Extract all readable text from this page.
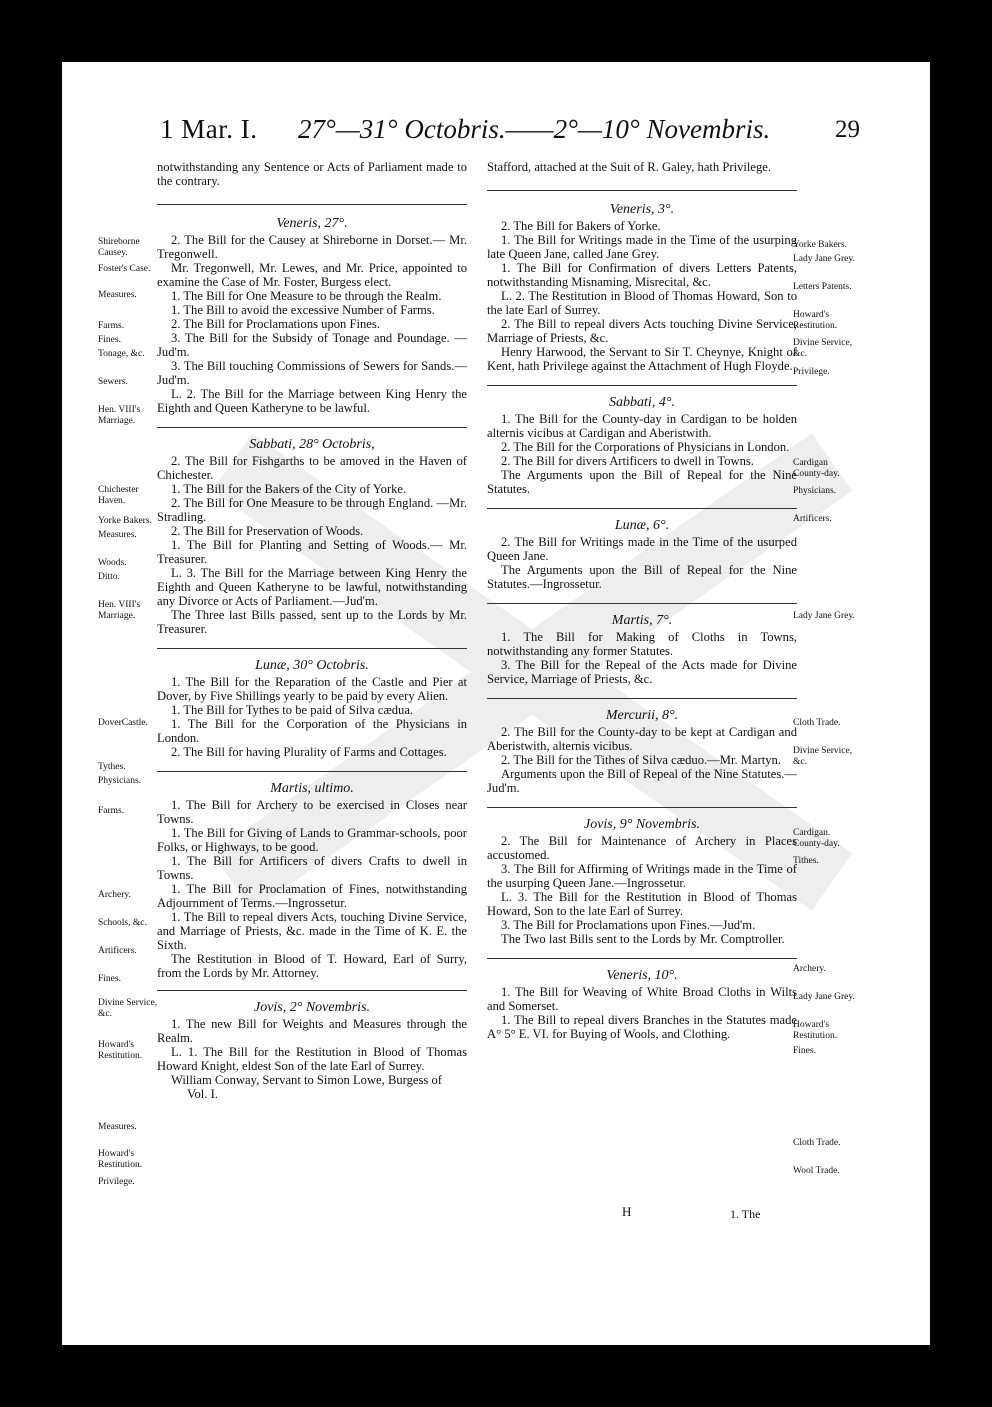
1 Mar. I. 27°—31° Octobris.——2°—10° Novembris.	29

notwithstanding any Sentence or Acts of Parliament made to the contrary.

Veneris, 27°.

2. The Bill for the Causey at Shireborne in Dorset.— Mr. Tregonwell.

Mr. Tregonwell, Mr. Lewes, and Mr. Price, appointed to examine the Case of Mr. Foster, Burgess elect.

1. The Bill for One Measure to be through the Realm.

1. The Bill to avoid the excessive Number of Farms.

2. The Bill for Proclamations upon Fines.

3. The Bill for the Subsidy of Tonage and Poundage. —Jud'm.

3. The Bill touching Commissions of Sewers for Sands.—Jud'm.

L. 2. The Bill for the Marriage between King Henry the Eighth and Queen Katheryne to be lawful.

Sabbati, 28° Octobris,

2. The Bill for Fishgarths to be amoved in the Haven of Chichester.

1. The Bill for the Bakers of the City of Yorke.

2. The Bill for One Measure to be through England. —Mr. Stradling.

2. The Bill for Preservation of Woods.

1. The Bill for Planting and Setting of Woods.— Mr. Treasurer.

L. 3. The Bill for the Marriage between King Henry the Eighth and Queen Katheryne to be lawful, notwithstanding any Divorce or Acts of Parliament.—Jud'm.

The Three last Bills passed, sent up to the Lords by Mr. Treasurer.

Lunæ, 30° Octobris.

1. The Bill for the Reparation of the Castle and Pier at Dover, by Five Shillings yearly to be paid by every Alien.

1. The Bill for Tythes to be paid of Silva cædua.

1. The Bill for the Corporation of the Physicians in London.

2. The Bill for having Plurality of Farms and Cottages.

Martis, ultimo.

1. The Bill for Archery to be exercised in Closes near Towns.

1. The Bill for Giving of Lands to Grammar-schools, poor Folks, or Highways, to be good.

1. The Bill for Artificers of divers Crafts to dwell in Towns.

1. The Bill for Proclamation of Fines, notwithstanding Adjournment of Terms.—Ingrossetur.

1. The Bill to repeal divers Acts, touching Divine Service, and Marriage of Priests, &c. made in the Time of K. E. the Sixth.

The Restitution in Blood of T. Howard, Earl of Surry, from the Lords by Mr. Attorney.

Jovis, 2° Novembris.

1. The new Bill for Weights and Measures through the Realm.

L. 1. The Bill for the Restitution in Blood of Thomas Howard Knight, eldest Son of the late Earl of Surrey.

William Conway, Servant to Simon Lowe, Burgess of

Vol. I.

Stafford, attached at the Suit of R. Galey, hath Privilege.

Veneris, 3°.

2. The Bill for Bakers of Yorke.

1. The Bill for Writings made in the Time of the usurping late Queen Jane, called Jane Grey.

1. The Bill for Confirmation of divers Letters Patents, notwithstanding Misnaming, Misrecital, &c.

L. 2. The Restitution in Blood of Thomas Howard, Son to the late Earl of Surrey.

2. The Bill to repeal divers Acts touching Divine Service, Marriage of Priests, &c.

Henry Harwood, the Servant to Sir T. Cheynye, Knight of Kent, hath Privilege against the Attachment of Hugh Floyde.

Sabbati, 4°.

1. The Bill for the County-day in Cardigan to be holden alternis vicibus at Cardigan and Aberistwith.

2. The Bill for the Corporations of Physicians in London.

2. The Bill for divers Artificers to dwell in Towns.

The Arguments upon the Bill of Repeal for the Nine Statutes.

Lunæ, 6°.

2. The Bill for Writings made in the Time of the usurped Queen Jane.

The Arguments upon the Bill of Repeal for the Nine Statutes.—Ingrossetur.

Martis, 7°.

1. The Bill for Making of Cloths in Towns, notwithstanding any former Statutes.

3. The Bill for the Repeal of the Acts made for Divine Service, Marriage of Priests, &c.

Mercurii, 8°.

2. The Bill for the County-day to be kept at Cardigan and Aberistwith, alternis vicibus.

2. The Bill for the Tithes of Silva cæduo.—Mr. Martyn.

Arguments upon the Bill of Repeal of the Nine Statutes.—Jud'm.

Jovis, 9° Novembris.

2. The Bill for Maintenance of Archery in Places accustomed.

3. The Bill for Affirming of Writings made in the Time of the usurping Queen Jane.—Ingrossetur.

L. 3. The Bill for the Restitution in Blood of Thomas Howard, Son to the late Earl of Surrey.

3. The Bill for Proclamations upon Fines.—Jud'm.

The Two last Bills sent to the Lords by Mr. Comptroller.

Veneris, 10°.

1. The Bill for Weaving of White Broad Cloths in Wilts and Somerset.

1. The Bill to repeal divers Branches in the Statutes made A° 5° E. VI. for Buying of Wools, and Clothing.

Shireborne Causey.
Foster's Case.
Measures.
Farms.
Fines.
Tonage, &c.
Sewers.
Hen. VIII's Marriage.
Chichester Haven.
Yorke Bakers.
Measures.
Woods.
Ditto.
Hen. VIII's Marriage.
DoverCastle.
Tythes.
Physicians.
Farms.
Archery.
Schools, &c.
Artificers.
Fines.
Divine Service, &c.
Howard's Restitution.
Measures.
Howard's Restitution.
Privilege.
Yorke Bakers.
Lady Jane Grey.
Letters Patents.
Howard's Restitution.
Divine Service, &c.
Privilege.
Cardigan County-day.
Physicians.
Artificers.
Lady Jane Grey.
Cloth Trade.
Divine Service, &c.
Cardigan. County-day.
Tithes.
Archery.
Lady Jane Grey.
Howard's Restitution.
Fines.
Cloth Trade.
Wool Trade.
H	1. The
